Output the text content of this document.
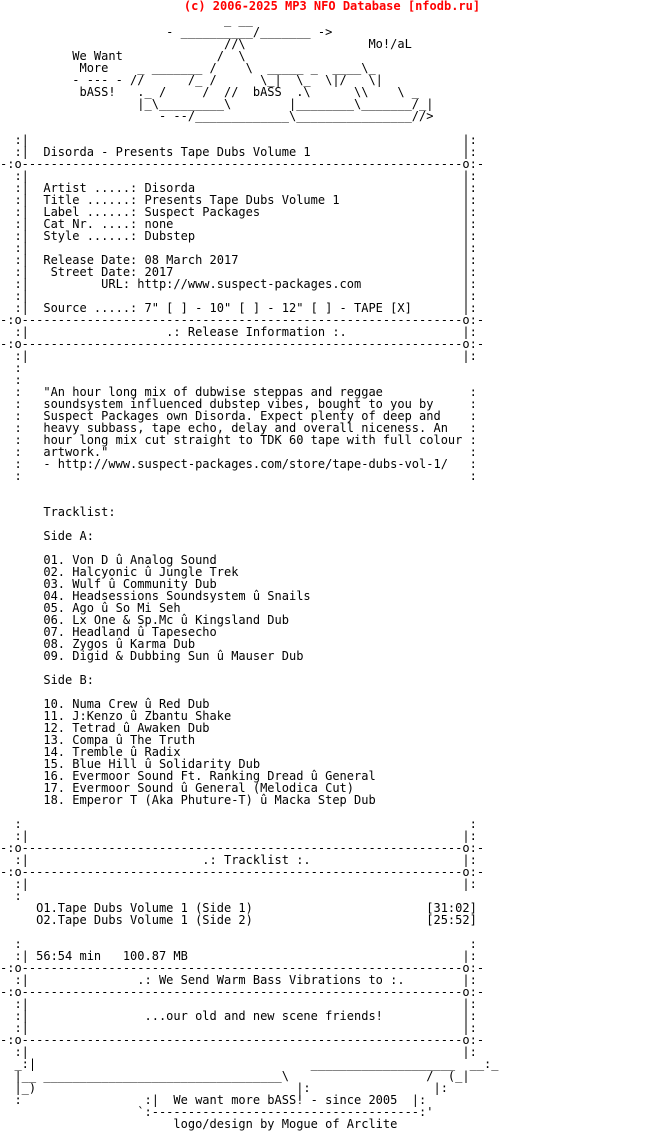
(c) 2006-2025 MP3 NFO Database [nfodb.ru]
_ __
- __________/_______ ->
//\                 Mo!/aL
We Want             /  \
More    _ _______ /    \  _____ _  ____\_
- --- - //      /_ /      \_|  \_  \|/   \|
bASS!   ._ /     /  //  bASS  .\      \\    \ _
|_\_________\        |________\_______/_|
- --/_____________\________________//>
:|                                                            |:
:|  Disorda - Presents Tape Dubs Volume 1                     |:
-:o-------------------------------------------------------------o:-
:|                                                            |:
:|  Artist .....: Disorda                                     |:
:|  Title ......: Presents Tape Dubs Volume 1                 |:
:|  Label ......: Suspect Packages                            |:
:|  Cat Nr. ....: none                                        |:
:|  Style ......: Dubstep                                     |:
:|                                                            |:
:|  Release Date: 08 March 2017                               |:
:|   Street Date: 2017                                        |:
:|          URL: http://www.suspect-packages.com              |:
:|                                                            |:
:|  Source .....: 7" [ ] - 10" [ ] - 12" [ ] - TAPE [X]       |:
-:o-------------------------------------------------------------o:-
:|                   .: Release Information :.                |:
-:o-------------------------------------------------------------o:-
:|                                                            |:
:
:
:   "An hour long mix of dubwise steppas and reggae            :
:   soundsystem influenced dubstep vibes, bought to you by     :
:   Suspect Packages own Disorda. Expect plenty of deep and    :
:   heavy subbass, tape echo, delay and overall niceness. An   :
:   hour long mix cut straight to TDK 60 tape with full colour :
:   artwork."                                                  :
:   - http://www.suspect-packages.com/store/tape-dubs-vol-1/   :
:                                                              :
Tracklist:
Side A:
01. Von D û Analog Sound
02. Halcyonic û Jungle Trek
03. Wulf û Community Dub
04. Headsessions Soundsystem û Snails
05. Ago û So Mi Seh
06. Lx One & Sp.Mc û Kingsland Dub
07. Headland û Tapesecho
08. Zygos û Karma Dub
09. Digid & Dubbing Sun û Mauser Dub
Side B:
10. Numa Crew û Red Dub
11. J:Kenzo û Zbantu Shake
12. Tetrad û Awaken Dub
13. Compa û The Truth
14. Tremble û Radix
15. Blue Hill û Solidarity Dub
16. Evermoor Sound Ft. Ranking Dread û General
17. Evermoor Sound û General (Melodica Cut)
18. Emperor T (Aka Phuture-T) û Macka Step Dub
:                                                              :
:|                                                            |:
-:o-------------------------------------------------------------o:-
:|                        .: Tracklist :.                     |:
-:o-------------------------------------------------------------o:-
:|                                                            |:
:
O1.Tape Dubs Volume 1 (Side 1)                        [31:02]
O2.Tape Dubs Volume 1 (Side 2)                        [25:52]
:                                                              :
:| 56:54 min   100.87 MB                                      |:
-:o-------------------------------------------------------------o:-
:|               .: We Send Warm Bass Vibrations to :.        |:
-:o-------------------------------------------------------------o:-
:|                                                            |:
:|                ...our old and new scene friends!           |:
:|                                                            |:
-:o-------------------------------------------------------------o:-
:|                                                            |:
_:|                                      ____________________  __:_
|__ _________________________________\                   /  (_|
|_)                                    |:                 |:
:                 :|  We want more bASS! - since 2005  |:
`:-------------------------------------:'
logo/design by Mogue of Arclite
